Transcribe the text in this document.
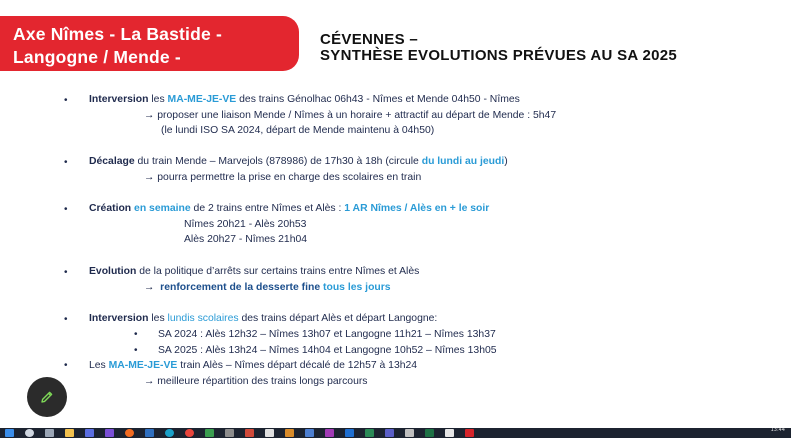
Axe Nîmes - La Bastide -
Langogne / Mende -
CÉVENNES –
SYNTHÈSE EVOLUTIONS PRÉVUES AU SA 2025
• Interversion les MA-ME-JE-VE des trains Génolhac 06h43 - Nîmes et Mende 04h50 - Nîmes
→ proposer une liaison Mende / Nîmes à un horaire + attractif au départ de Mende : 5h47
(le lundi ISO SA 2024, départ de Mende maintenu à 04h50)
• Décalage du train Mende – Marvejols (878986) de 17h30 à 18h (circule du lundi au jeudi)
→ pourra permettre la prise en charge des scolaires en train
• Création en semaine de 2 trains entre Nîmes et Alès : 1 AR Nîmes / Alès en + le soir
Nîmes 20h21 - Alès 20h53
Alès 20h27 - Nîmes 21h04
• Evolution de la politique d’arrêts sur certains trains entre Nîmes et Alès
→ renforcement de la desserte fine tous les jours
• Interversion les lundis scolaires des trains départ Alès et départ Langogne:
• SA 2024 : Alès 12h32 – Nîmes 13h07 et Langogne 11h21 – Nîmes 13h37
• SA 2025 : Alès 13h24 – Nîmes 14h04 et Langogne 10h52 – Nîmes 13h05
• Les MA-ME-JE-VE train Alès – Nîmes départ décalé de 12h57 à 13h24
→ meilleure répartition des trains longs parcours
13:44
